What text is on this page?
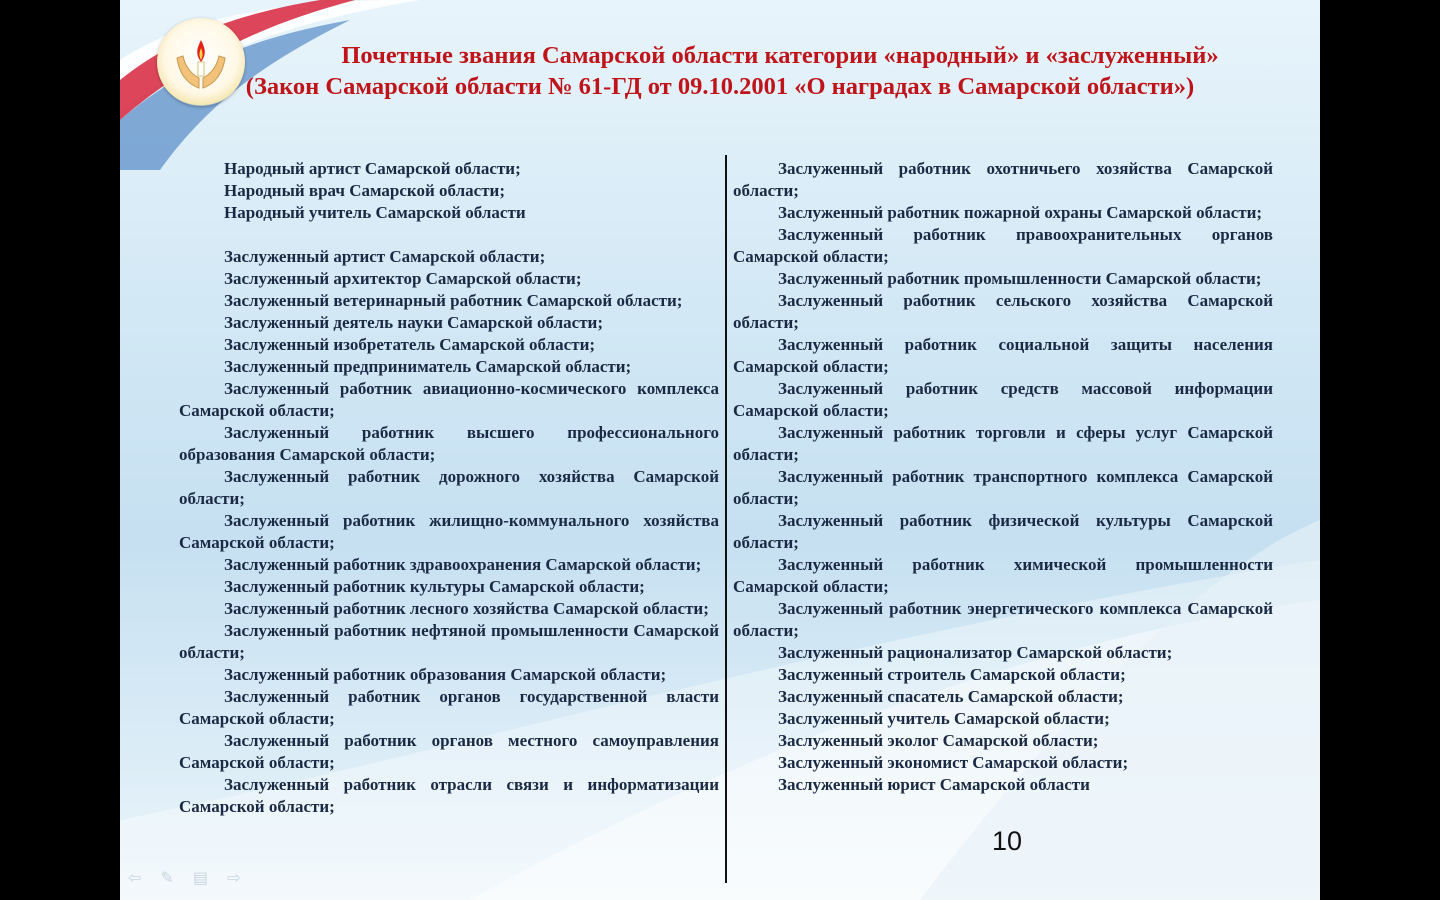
Почетные звания Самарской области категории «народный» и «заслуженный»
(Закон Самарской области № 61-ГД от 09.10.2001 «О наградах в Самарской области»)

Народный артист Самарской области;

Народный врач Самарской области;

Народный учитель Самарской области

Заслуженный артист Самарской области;

Заслуженный архитектор Самарской области;

Заслуженный ветеринарный работник Самарской области;

Заслуженный деятель науки Самарской области;

Заслуженный изобретатель Самарской области;

Заслуженный предприниматель Самарской области;

Заслуженный работник авиационно-космического комплекса Самарской области;

Заслуженный работник высшего профессионального образования Самарской области;

Заслуженный работник дорожного хозяйства Самарской области;

Заслуженный работник жилищно-коммунального хозяйства Самарской области;

Заслуженный работник здравоохранения Самарской области;

Заслуженный работник культуры Самарской области;

Заслуженный работник лесного хозяйства Самарской области;

Заслуженный работник нефтяной промышленности Самарской области;

Заслуженный работник образования Самарской области;

Заслуженный работник органов государственной власти Самарской области;

Заслуженный работник органов местного самоуправления Самарской области;

Заслуженный работник отрасли связи и информатизации Самарской области;

Заслуженный работник охотничьего хозяйства Самарской области;

Заслуженный работник пожарной охраны Самарской области;

Заслуженный работник правоохранительных органов Самарской области;

Заслуженный работник промышленности Самарской области;

Заслуженный работник сельского хозяйства Самарской области;

Заслуженный работник социальной защиты населения Самарской области;

Заслуженный работник средств массовой информации Самарской области;

Заслуженный работник торговли и сферы услуг Самарской области;

Заслуженный работник транспортного комплекса Самарской области;

Заслуженный работник физической культуры Самарской области;

Заслуженный работник химической промышленности Самарской области;

Заслуженный работник энергетического комплекса Самарской области;

Заслуженный рационализатор Самарской области;

Заслуженный строитель Самарской области;

Заслуженный спасатель Самарской области;

Заслуженный учитель Самарской области;

Заслуженный эколог Самарской области;

Заслуженный экономист Самарской области;

Заслуженный юрист Самарской области

10
⇦ ✎ ▤ ⇨
